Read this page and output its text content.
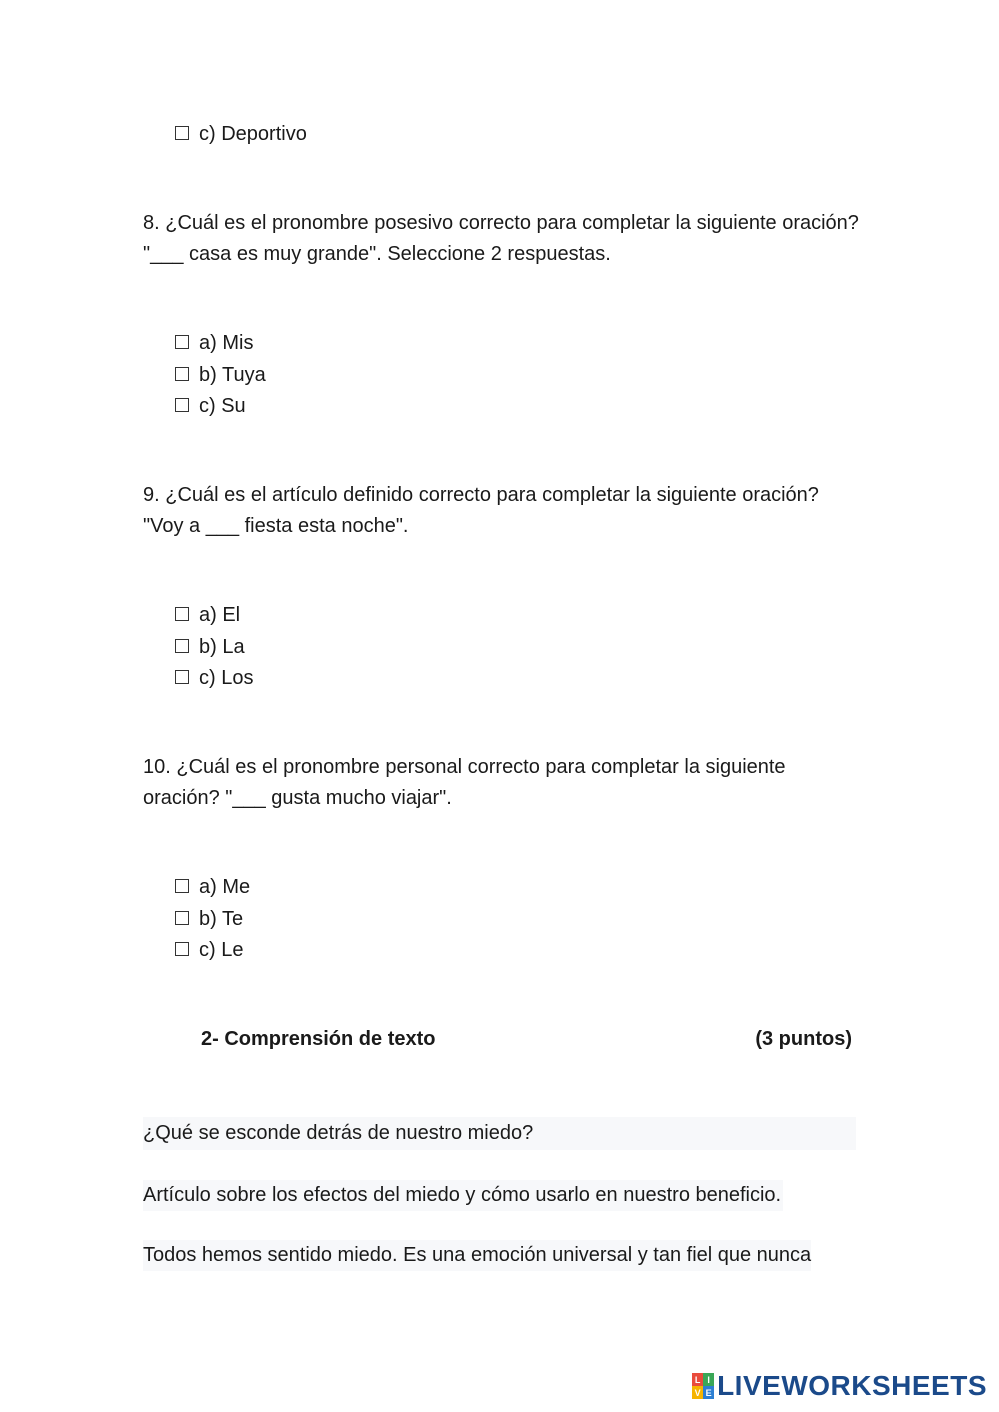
c) Deportivo
8. ¿Cuál es el pronombre posesivo correcto para completar la siguiente oración? "___ casa es muy grande". Seleccione 2 respuestas.
a) Mis
b) Tuya
c) Su
9. ¿Cuál es el artículo definido correcto para completar la siguiente oración? "Voy a ___ fiesta esta noche".
a) El
b) La
c) Los
10. ¿Cuál es el pronombre personal correcto para completar la siguiente oración? "___ gusta mucho viajar".
a) Me
b) Te
c) Le
2- Comprensión de texto	(3 puntos)
¿Qué se esconde detrás de nuestro miedo?
Artículo sobre los efectos del miedo y cómo usarlo en nuestro beneficio.
Todos hemos sentido miedo. Es una emoción universal y tan fiel que nunca
L I
V E LIVEWORKSHEETS
